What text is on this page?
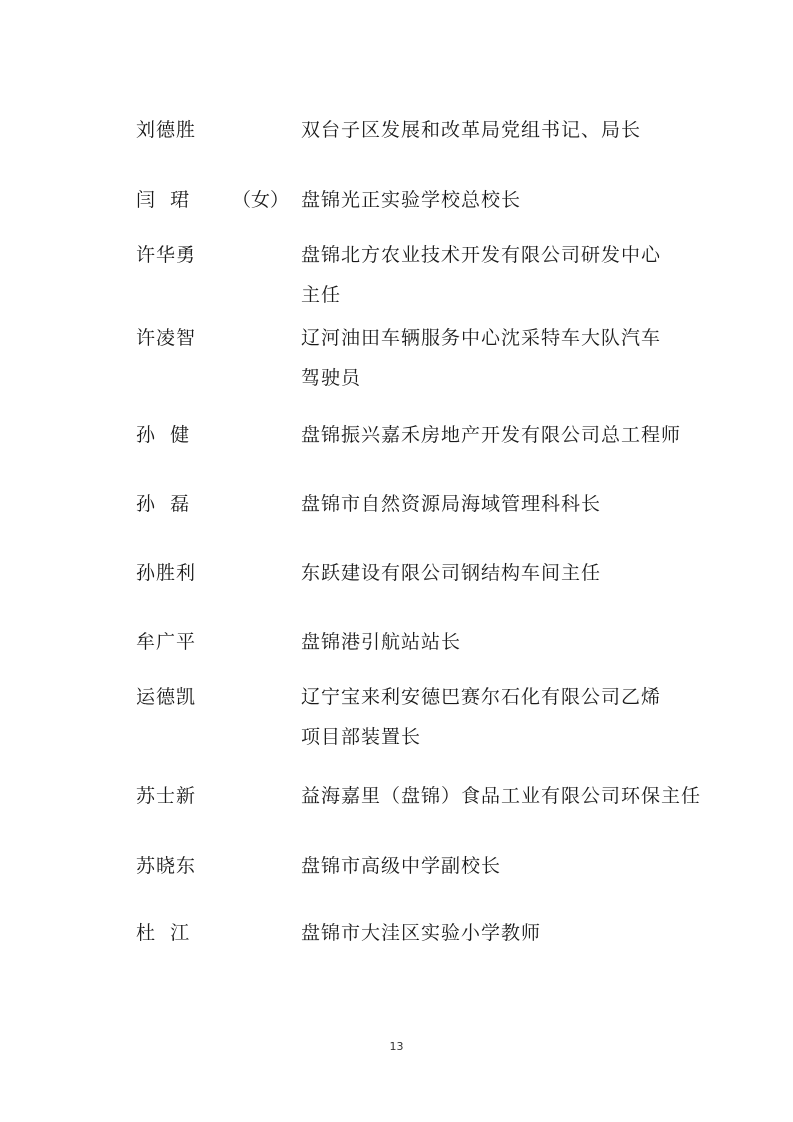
刘德胜	双台子区发展和改革局党组书记、局长
闫  珺 （女） 盘锦光正实验学校总校长
许华勇	盘锦北方农业技术开发有限公司研发中心
主任
许凌智	辽河油田车辆服务中心沈采特车大队汽车
驾驶员
孙  健	盘锦振兴嘉禾房地产开发有限公司总工程师
孙  磊	盘锦市自然资源局海域管理科科长
孙胜利	东跃建设有限公司钢结构车间主任
牟广平	盘锦港引航站站长
运德凯	辽宁宝来利安德巴赛尔石化有限公司乙烯
项目部装置长
苏士新	益海嘉里（盘锦）食品工业有限公司环保主任
苏晓东	盘锦市高级中学副校长
杜  江	盘锦市大洼区实验小学教师
13
